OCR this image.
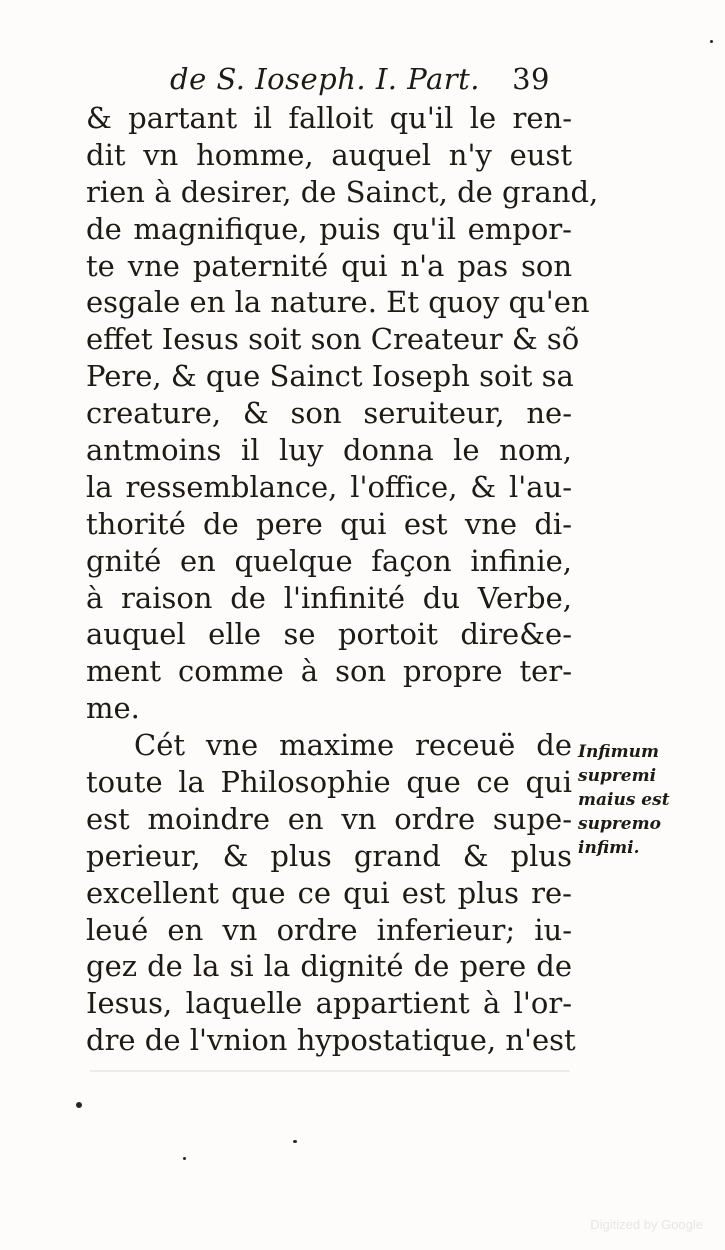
de S. Ioseph. I. Part. 39
& partant il falloit qu'il le ren-
dit vn homme, auquel n'y eust
rien à desirer, de Sainct, de grand,
de magnifique, puis qu'il empor-
te vne paternité qui n'a pas son
esgale en la nature. Et quoy qu'en
effet Iesus soit son Createur & sõ
Pere, & que Sainct Ioseph soit sa
creature, & son seruiteur, ne-
antmoins il luy donna le nom,
la ressemblance, l'office, & l'au-
thorité de pere qui est vne di-
gnité en quelque façon infinie,
à raison de l'infinité du Verbe,
auquel elle se portoit dire&e-
ment comme à son propre ter-
me.
Cét vne maxime receuë de
toute la Philosophie que ce qui
est moindre en vn ordre supe-
perieur, & plus grand & plus
excellent que ce qui est plus re-
leué en vn ordre inferieur; iu-
gez de la si la dignité de pere de
Iesus, laquelle appartient à l'or-
dre de l'vnion hypostatique, n'est
Infimum
supremi
maius est
supremo
infimi.
Digitized by Google
